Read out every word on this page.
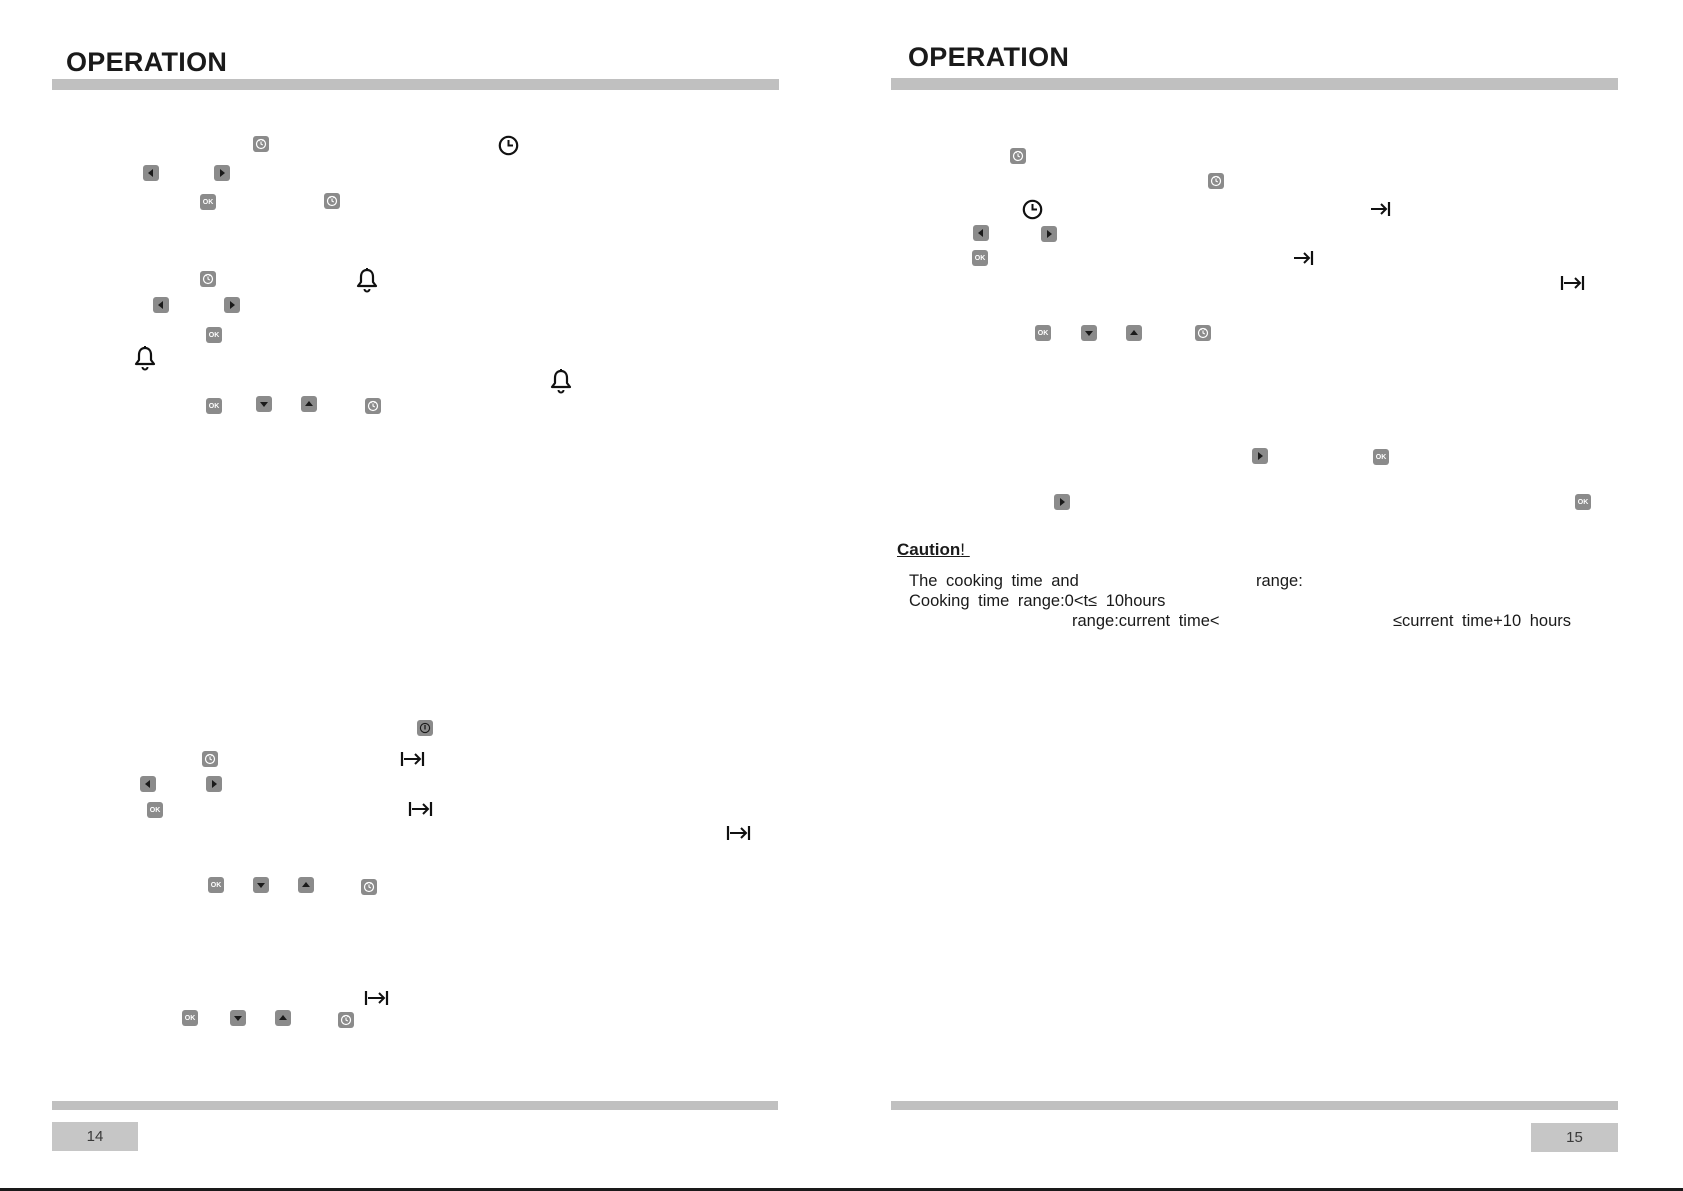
OPERATION
OK
OK
OK
OK
OK
OK
14
OPERATION
OK
OK
OK
OK
Caution!
The cooking time and	range:
Cooking time range:0<t≤ 10hours
range:current time<	≤current time+10 hours
15
